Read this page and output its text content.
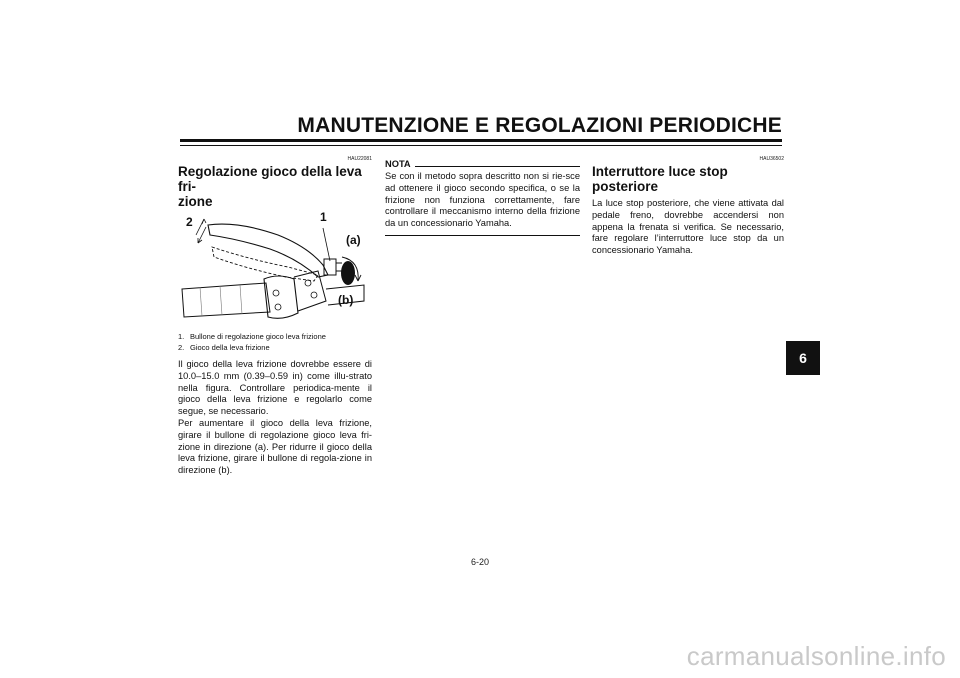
MANUTENZIONE E REGOLAZIONI PERIODICHE
HAU22081
Regolazione gioco della leva fri-
zione
2	1
(a)
(b)
1. Bullone di regolazione gioco leva frizione
2. Gioco della leva frizione

Il gioco della leva frizione dovrebbe essere di 10.0–15.0 mm (0.39–0.59 in) come illu-strato nella figura. Controllare periodica-mente il gioco della leva frizione e regolarlo come segue, se necessario.

Per aumentare il gioco della leva frizione, girare il bullone di regolazione gioco leva fri-zione in direzione (a). Per ridurre il gioco della leva frizione, girare il bullone di regola-zione in direzione (b).

NOTA

Se con il metodo sopra descritto non si rie-sce ad ottenere il gioco secondo specifica, o se la frizione non funziona correttamente, fare controllare il meccanismo interno della frizione da un concessionario Yamaha.

HAU36502
Interruttore luce stop posteriore

La luce stop posteriore, che viene attivata dal pedale freno, dovrebbe accendersi non appena la frenata si verifica. Se necessario, fare regolare l’interruttore luce stop da un concessionario Yamaha.

6
6-20
carmanualsonline.info
